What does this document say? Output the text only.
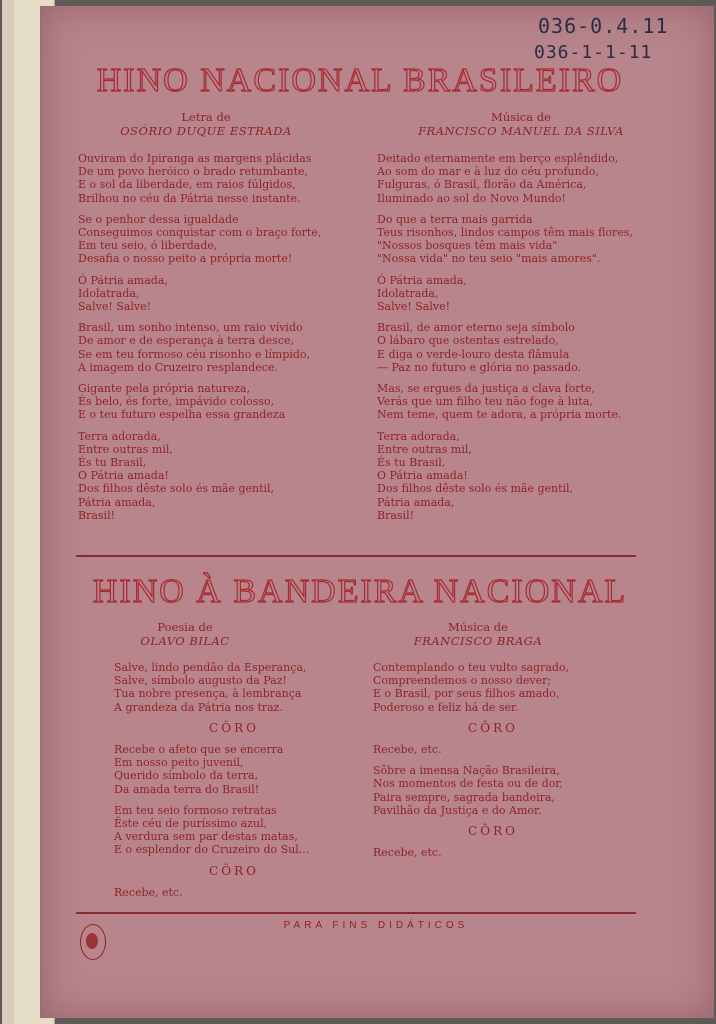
036-0.4.11
036-1-1-11
HINO NACIONAL BRASILEIRO
Letra de
OSÓRIO DUQUE ESTRADA
Música de
FRANCISCO MANUEL DA SILVA

Ouviram do Ipiranga as margens plácidas
De um povo heróico o brado retumbante,
E o sol da liberdade, em raios fúlgidos,
Brilhou no céu da Pátria nesse instante.

Se o penhor dessa igualdade
Conseguimos conquistar com o braço forte,
Em teu seio, ó liberdade,
Desafia o nosso peito a própria morte!

Ó Pátria amada,
Idolatrada,
Salve! Salve!

Brasil, um sonho intenso, um raio vívido
De amor e de esperança à terra desce,
Se em teu formoso céu risonho e límpido,
A imagem do Cruzeiro resplandece.

Gigante pela própria natureza,
És belo, és forte, impávido colosso,
E o teu futuro espelha essa grandeza

Terra adorada,
Entre outras mil,
És tu Brasil,
O Pátria amada!
Dos filhos dêste solo és mãe gentil,
Pátria amada,
Brasil!

Deitado eternamente em berço esplêndido,
Ao som do mar e à luz do céu profundo,
Fulguras, ó Brasil, florão da América,
Iluminado ao sol do Novo Mundo!

Do que a terra mais garrida
Teus risonhos, lindos campos têm mais flores,
"Nossos bosques têm mais vida"
"Nossa vida" no teu seio "mais amores".

Ó Pátria amada,
Idolatrada,
Salve! Salve!

Brasil, de amor eterno seja símbolo
O lábaro que ostentas estrelado,
E diga o verde-louro desta flâmula
— Paz no futuro e glória no passado.

Mas, se ergues da justiça a clava forte,
Verás que um filho teu não foge à luta,
Nem teme, quem te adora, a própria morte.

Terra adorada,
Entre outras mil,
És tu Brasil,
O Pátria amada!
Dos filhos dêste solo és mãe gentil,
Pátria amada,
Brasil!

HINO À BANDEIRA NACIONAL
Poesia de
OLAVO BILAC
Música de
FRANCISCO BRAGA

Salve, lindo pendão da Esperança,
Salve, símbolo augusto da Paz!
Tua nobre presença, à lembrança
A grandeza da Pátria nos traz.

CÔRO

Recebe o afeto que se encerra
Em nosso peito juvenil,
Querido símbolo da terra,
Da amada terra do Brasil!

Em teu seio formoso retratas
Êste céu de puríssimo azul,
A verdura sem par destas matas,
E o esplendor do Cruzeiro do Sul...

CÔRO

Recebe, etc.

Contemplando o teu vulto sagrado,
Compreendemos o nosso dever;
E o Brasil, por seus filhos amado,
Poderoso e feliz há de ser.

CÔRO

Recebe, etc.

Sôbre a imensa Nação Brasileira,
Nos momentos de festa ou de dor,
Paira sempre, sagrada bandeira,
Pavilhão da Justiça e do Amor.

CÔRO

Recebe, etc.

PARA FINS DIDÁTICOS
